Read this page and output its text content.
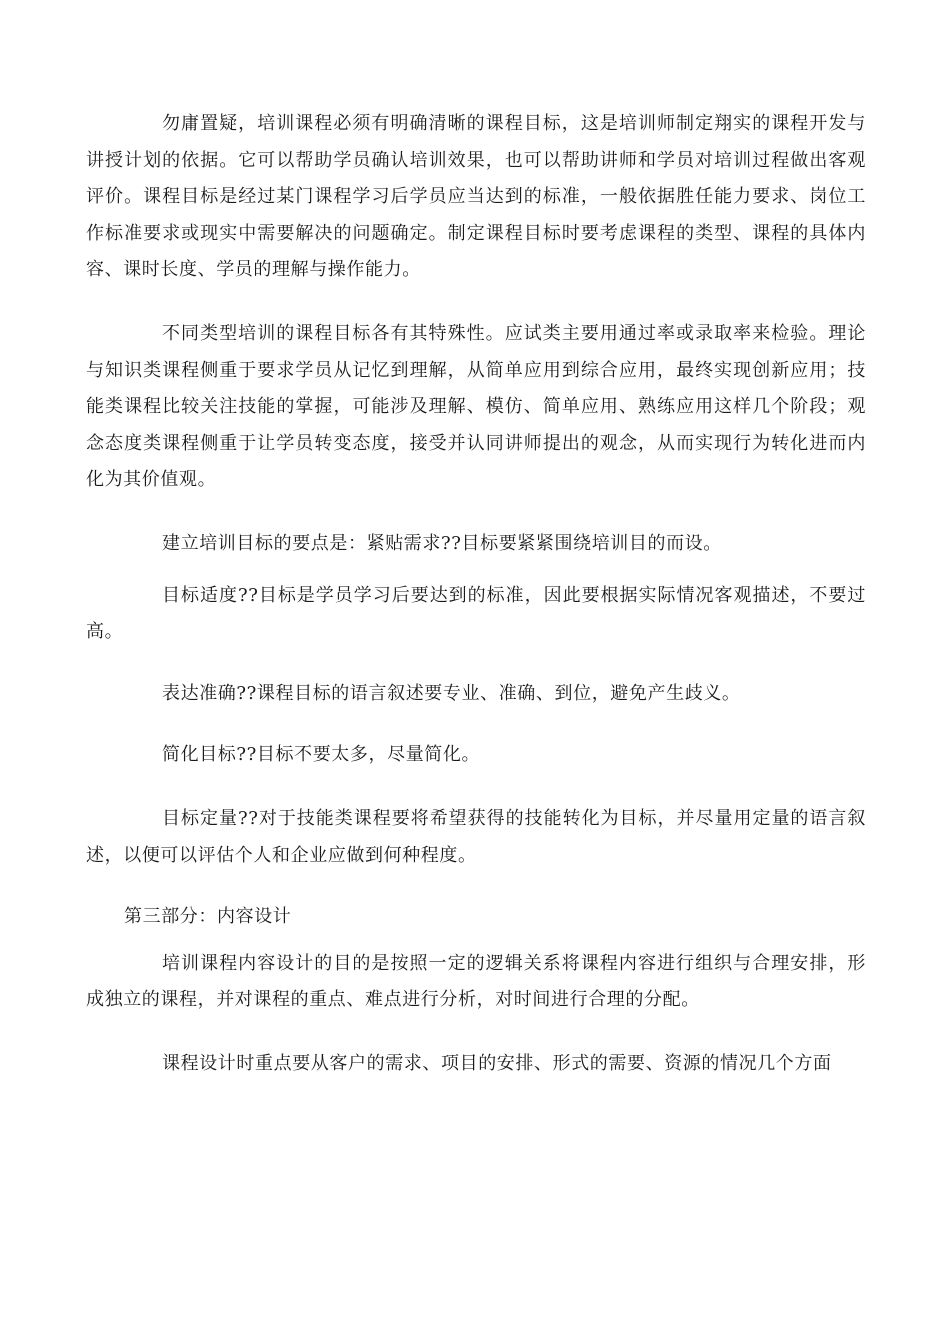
勿庸置疑，培训课程必须有明确清晰的课程目标，这是培训师制定翔实的课程开发与讲授计划的依据。它可以帮助学员确认培训效果，也可以帮助讲师和学员对培训过程做出客观评价。课程目标是经过某门课程学习后学员应当达到的标准，一般依据胜任能力要求、岗位工作标准要求或现实中需要解决的问题确定。制定课程目标时要考虑课程的类型、课程的具体内容、课时长度、学员的理解与操作能力。

不同类型培训的课程目标各有其特殊性。应试类主要用通过率或录取率来检验。理论与知识类课程侧重于要求学员从记忆到理解，从简单应用到综合应用，最终实现创新应用；技能类课程比较关注技能的掌握，可能涉及理解、模仿、简单应用、熟练应用这样几个阶段；观念态度类课程侧重于让学员转变态度，接受并认同讲师提出的观念，从而实现行为转化进而内化为其价值观。

建立培训目标的要点是：紧贴需求??目标要紧紧围绕培训目的而设。

目标适度??目标是学员学习后要达到的标准，因此要根据实际情况客观描述，不要过高。

表达准确??课程目标的语言叙述要专业、准确、到位，避免产生歧义。

简化目标??目标不要太多，尽量简化。

目标定量??对于技能类课程要将希望获得的技能转化为目标，并尽量用定量的语言叙述，以便可以评估个人和企业应做到何种程度。

第三部分：内容设计

培训课程内容设计的目的是按照一定的逻辑关系将课程内容进行组织与合理安排，形成独立的课程，并对课程的重点、难点进行分析，对时间进行合理的分配。

课程设计时重点要从客户的需求、项目的安排、形式的需要、资源的情况几个方面
